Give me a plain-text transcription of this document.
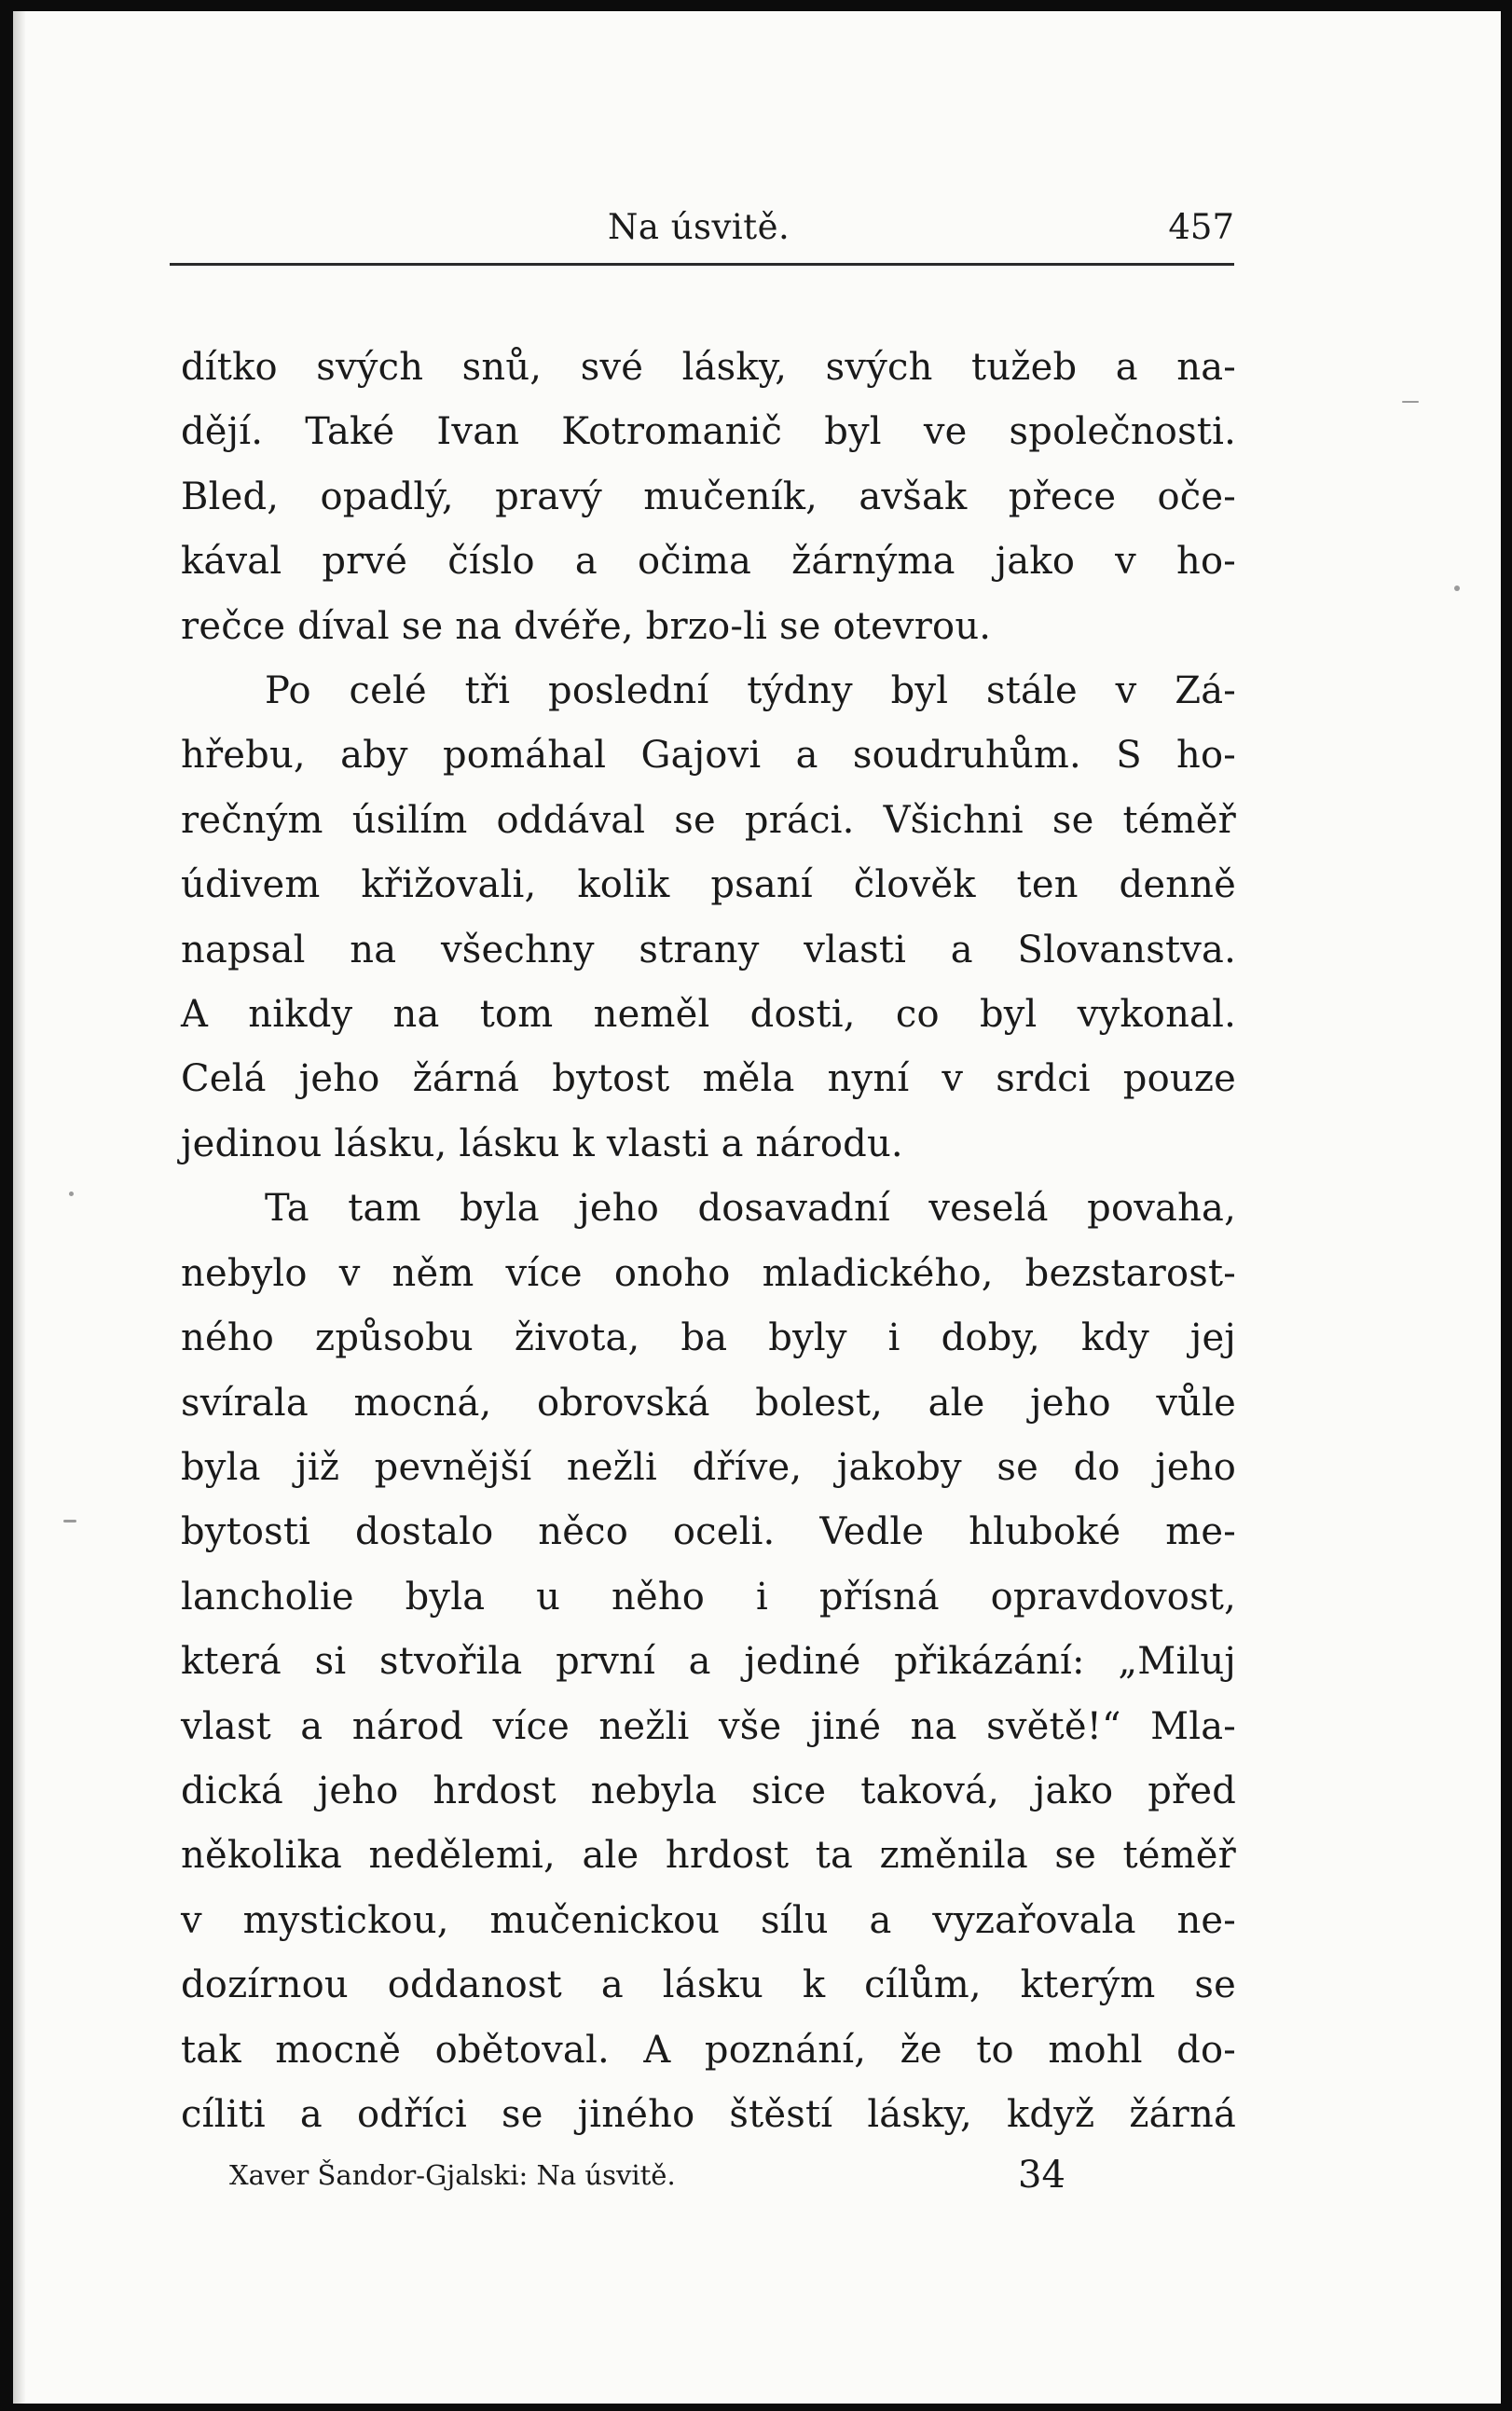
Na úsvitě.	457
dítko svých snů, své lásky, svých tužeb a na-
dějí. Také Ivan Kotromanič byl ve společnosti.
Bled, opadlý, pravý mučeník, avšak přece oče-
kával prvé číslo a očima žárnýma jako v ho-
rečce díval se na dvéře, brzo-li se otevrou.
Po celé tři poslední týdny byl stále v Zá-
hřebu, aby pomáhal Gajovi a soudruhům. S ho-
rečným úsilím oddával se práci. Všichni se téměř
údivem křižovali, kolik psaní člověk ten denně
napsal na všechny strany vlasti a Slovanstva.
A nikdy na tom neměl dosti, co byl vykonal.
Celá jeho žárná bytost měla nyní v srdci pouze
jedinou lásku, lásku k vlasti a národu.
Ta tam byla jeho dosavadní veselá povaha,
nebylo v něm více onoho mladického, bezstarost-
ného způsobu života, ba byly i doby, kdy jej
svírala mocná, obrovská bolest, ale jeho vůle
byla již pevnější nežli dříve, jakoby se do jeho
bytosti dostalo něco oceli. Vedle hluboké me-
lancholie byla u něho i přísná opravdovost,
která si stvořila první a jediné přikázání: „Miluj
vlast a národ více nežli vše jiné na světě!“ Mla-
dická jeho hrdost nebyla sice taková, jako před
několika nedělemi, ale hrdost ta změnila se téměř
v mystickou, mučenickou sílu a vyzařovala ne-
dozírnou oddanost a lásku k cílům, kterým se
tak mocně obětoval. A poznání, že to mohl do-
cíliti a odříci se jiného štěstí lásky, když žárná
Xaver Šandor-Gjalski: Na úsvitě.	34
